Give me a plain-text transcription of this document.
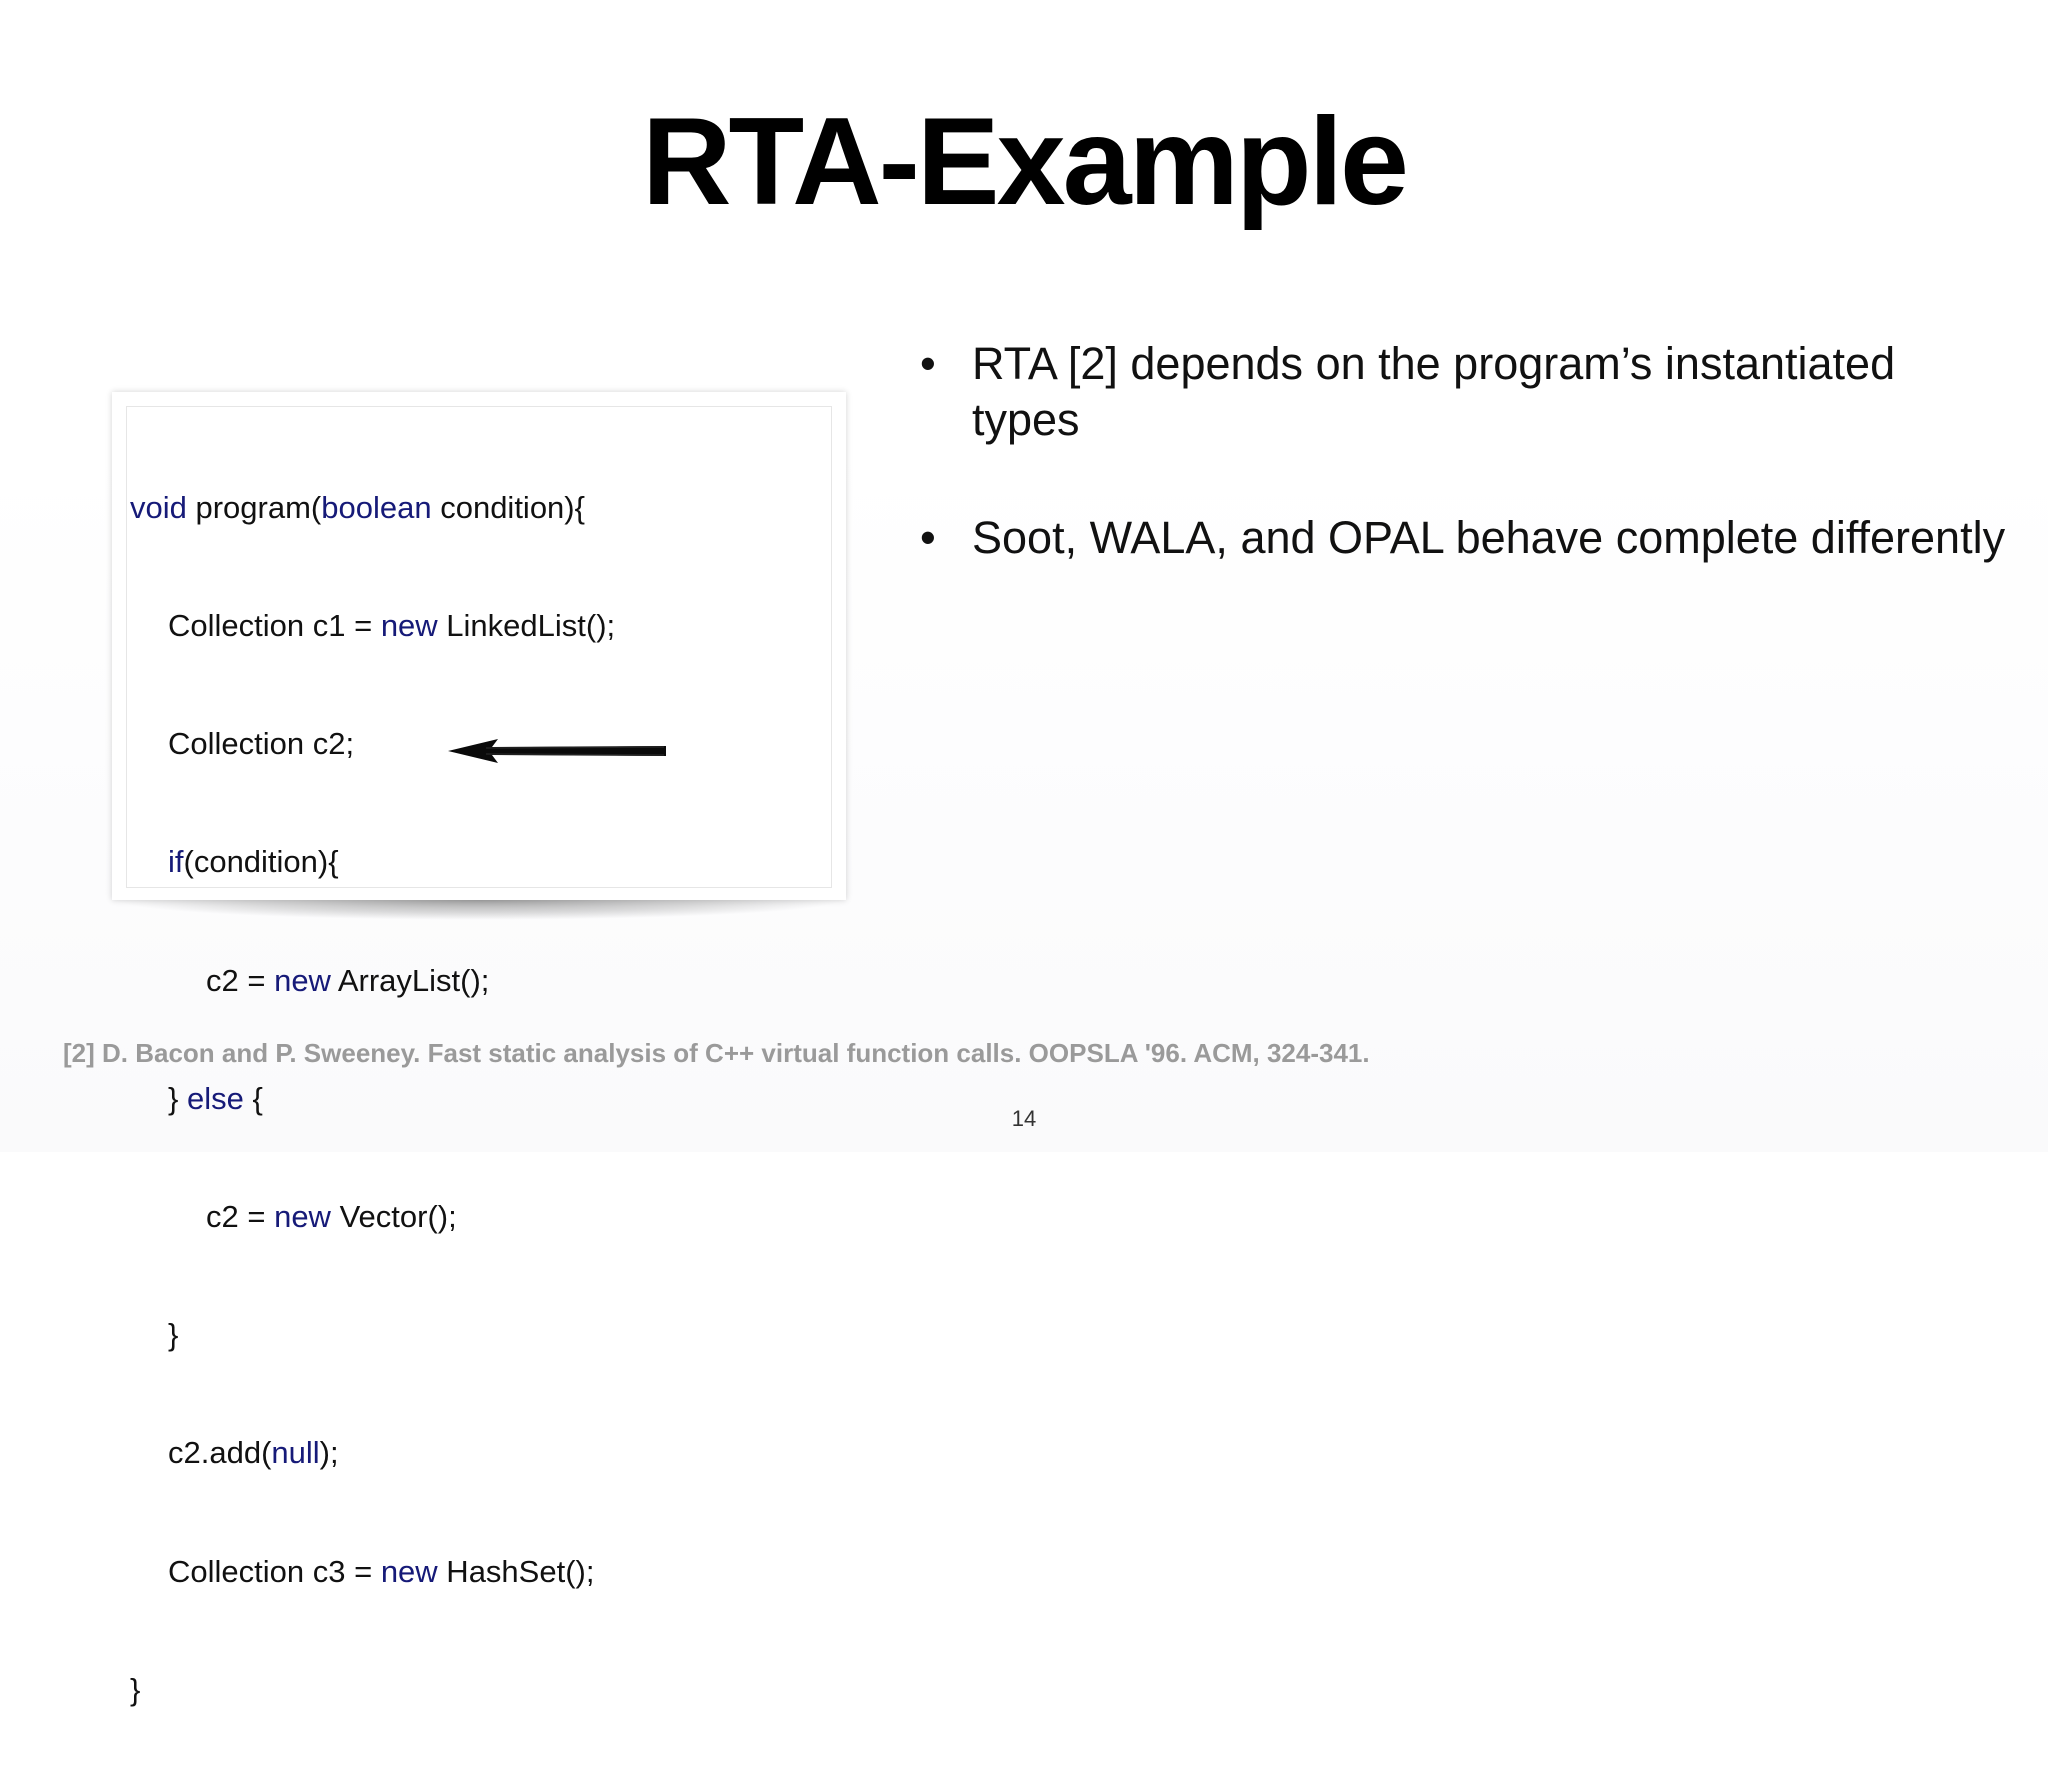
RTA-Example

void program(boolean condition){

Collection c1 = new LinkedList();

Collection c2;

if(condition){

c2 = new ArrayList();

} else {

c2 = new Vector();

}

c2.add(null);

Collection c3 = new HashSet();

}

• RTA [2] depends on the program’s instantiated types
• Soot, WALA, and OPAL behave complete differently
[2] D. Bacon and P. Sweeney. Fast static analysis of C++ virtual function calls. OOPSLA '96. ACM, 324-341.
14
